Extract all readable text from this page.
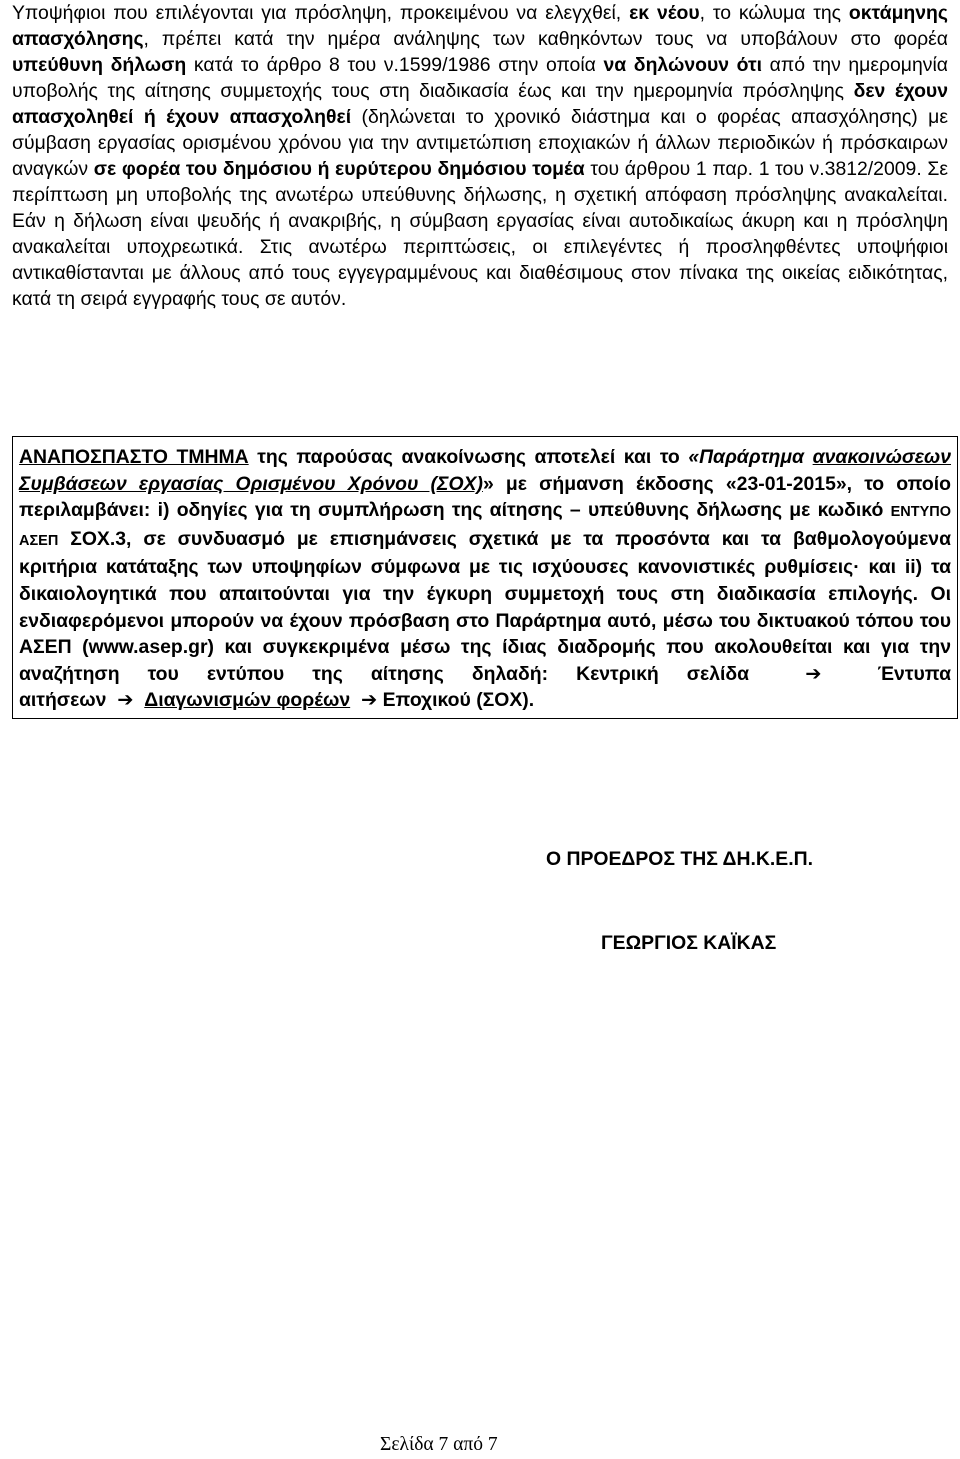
Υποψήφιοι που επιλέγονται για πρόσληψη, προκειμένου να ελεγχθεί, εκ νέου, το κώλυμα της οκτάμηνης απασχόλησης, πρέπει κατά την ημέρα ανάληψης των καθηκόντων τους να υποβάλουν στο φορέα υπεύθυνη δήλωση κατά το άρθρο 8 του ν.1599/1986 στην οποία να δηλώνουν ότι από την ημερομηνία υποβολής της αίτησης συμμετοχής τους στη διαδικασία έως και την ημερομηνία πρόσληψης δεν έχουν απασχοληθεί ή έχουν απασχοληθεί (δηλώνεται το χρονικό διάστημα και ο φορέας απασχόλησης) με σύμβαση εργασίας ορισμένου χρόνου για την αντιμετώπιση εποχιακών ή άλλων περιοδικών ή πρόσκαιρων αναγκών σε φορέα του δημόσιου ή ευρύτερου δημόσιου τομέα του άρθρου 1 παρ. 1 του ν.3812/2009. Σε περίπτωση μη υποβολής της ανωτέρω υπεύθυνης δήλωσης, η σχετική απόφαση πρόσληψης ανακαλείται. Εάν η δήλωση είναι ψευδής ή ανακριβής, η σύμβαση εργασίας είναι αυτοδικαίως άκυρη και η πρόσληψη ανακαλείται υποχρεωτικά. Στις ανωτέρω περιπτώσεις, οι επιλεγέντες ή προσληφθέντες υποψήφιοι αντικαθίστανται με άλλους από τους εγγεγραμμένους και διαθέσιμους στον πίνακα της οικείας ειδικότητας, κατά τη σειρά εγγραφής τους σε αυτόν.

ΑΝΑΠΟΣΠΑΣΤΟ ΤΜΗΜΑ της παρούσας ανακοίνωσης αποτελεί και το «Παράρτημα ανακοινώσεων Συμβάσεων εργασίας Ορισμένου Χρόνου (ΣΟΧ)» με σήμανση έκδοσης «23-01-2015», το οποίο περιλαμβάνει: i) οδηγίες για τη συμπλήρωση της αίτησης – υπεύθυνης δήλωσης με κωδικό ΕΝΤΥΠΟ ΑΣΕΠ ΣΟΧ.3, σε συνδυασμό με επισημάνσεις σχετικά με τα προσόντα και τα βαθμολογούμενα κριτήρια κατάταξης των υποψηφίων σύμφωνα με τις ισχύουσες κανονιστικές ρυθμίσεις· και ii) τα δικαιολογητικά που απαιτούνται για την έγκυρη συμμετοχή τους στη διαδικασία επιλογής. Οι ενδιαφερόμενοι μπορούν να έχουν πρόσβαση στο Παράρτημα αυτό, μέσω του δικτυακού τόπου του ΑΣΕΠ (www.asep.gr) και συγκεκριμένα μέσω της ίδιας διαδρομής που ακολουθείται και για την αναζήτηση του εντύπου της αίτησης δηλαδή: Κεντρική σελίδα	➔	Έντυπα αιτήσεων ➔ Διαγωνισμών φορέων ➔ Εποχικού (ΣΟΧ).
Ο ΠΡΟΕΔΡΟΣ ΤΗΣ ΔΗ.Κ.Ε.Π.
ΓΕΩΡΓΙΟΣ ΚΑΪΚΑΣ
Σελίδα 7 από 7
